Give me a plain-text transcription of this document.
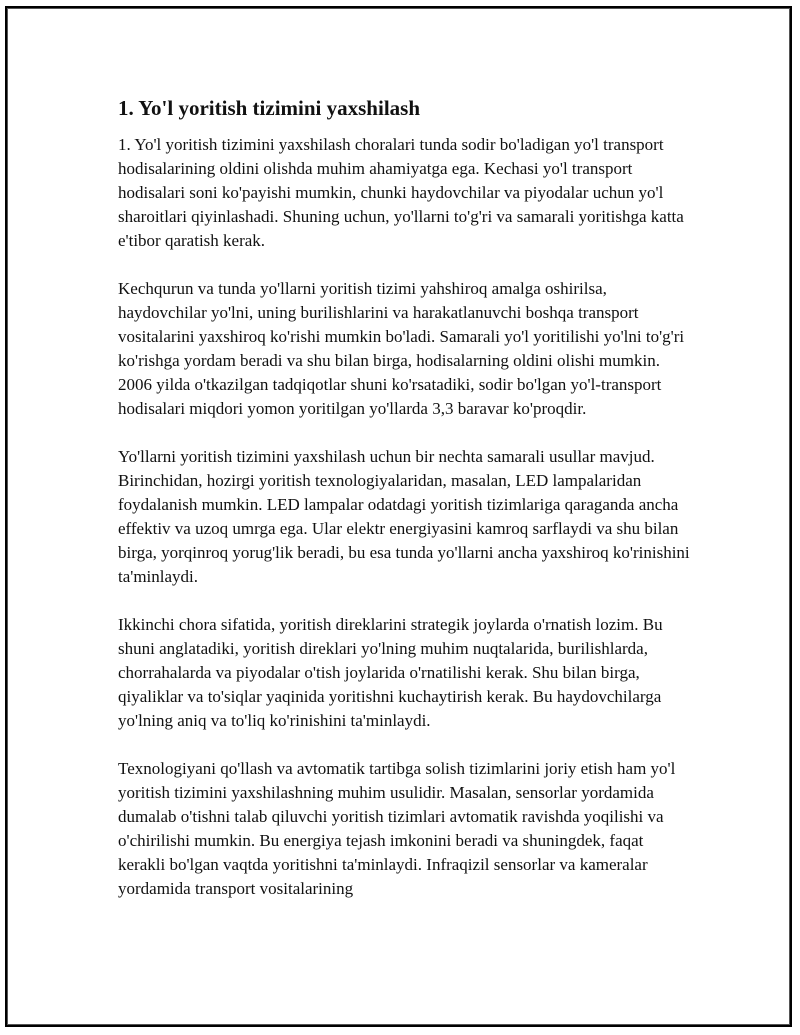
1. Yo'l yoritish tizimini yaxshilash

1. Yo'l yoritish tizimini yaxshilash choralari tunda sodir bo'ladigan yo'l transport hodisalarining oldini olishda muhim ahamiyatga ega. Kechasi yo'l transport hodisalari soni ko'payishi mumkin, chunki haydovchilar va piyodalar uchun yo'l sharoitlari qiyinlashadi. Shuning uchun, yo'llarni to'g'ri va samarali yoritishga katta e'tibor qaratish kerak.

Kechqurun va tunda yo'llarni yoritish tizimi yahshiroq amalga oshirilsa, haydovchilar yo'lni, uning burilishlarini va harakatlanuvchi boshqa transport vositalarini yaxshiroq ko'rishi mumkin bo'ladi. Samarali yo'l yoritilishi yo'lni to'g'ri ko'rishga yordam beradi va shu bilan birga, hodisalarning oldini olishi mumkin. 2006 yilda o'tkazilgan tadqiqotlar shuni ko'rsatadiki, sodir bo'lgan yo'l-transport hodisalari miqdori yomon yoritilgan yo'llarda 3,3 baravar ko'proqdir.

Yo'llarni yoritish tizimini yaxshilash uchun bir nechta samarali usullar mavjud. Birinchidan, hozirgi yoritish texnologiyalaridan, masalan, LED lampalaridan foydalanish mumkin. LED lampalar odatdagi yoritish tizimlariga qaraganda ancha effektiv va uzoq umrga ega. Ular elektr energiyasini kamroq sarflaydi va shu bilan birga, yorqinroq yorug'lik beradi, bu esa tunda yo'llarni ancha yaxshiroq ko'rinishini ta'minlaydi.

Ikkinchi chora sifatida, yoritish direklarini strategik joylarda o'rnatish lozim. Bu shuni anglatadiki, yoritish direklari yo'lning muhim nuqtalarida, burilishlarda, chorrahalarda va piyodalar o'tish joylarida o'rnatilishi kerak. Shu bilan birga, qiyaliklar va to'siqlar yaqinida yoritishni kuchaytirish kerak. Bu haydovchilarga yo'lning aniq va to'liq ko'rinishini ta'minlaydi.

Texnologiyani qo'llash va avtomatik tartibga solish tizimlarini joriy etish ham yo'l yoritish tizimini yaxshilashning muhim usulidir. Masalan, sensorlar yordamida dumalab o'tishni talab qiluvchi yoritish tizimlari avtomatik ravishda yoqilishi va o'chirilishi mumkin. Bu energiya tejash imkonini beradi va shuningdek, faqat kerakli bo'lgan vaqtda yoritishni ta'minlaydi. Infraqizil sensorlar va kameralar yordamida transport vositalarining
